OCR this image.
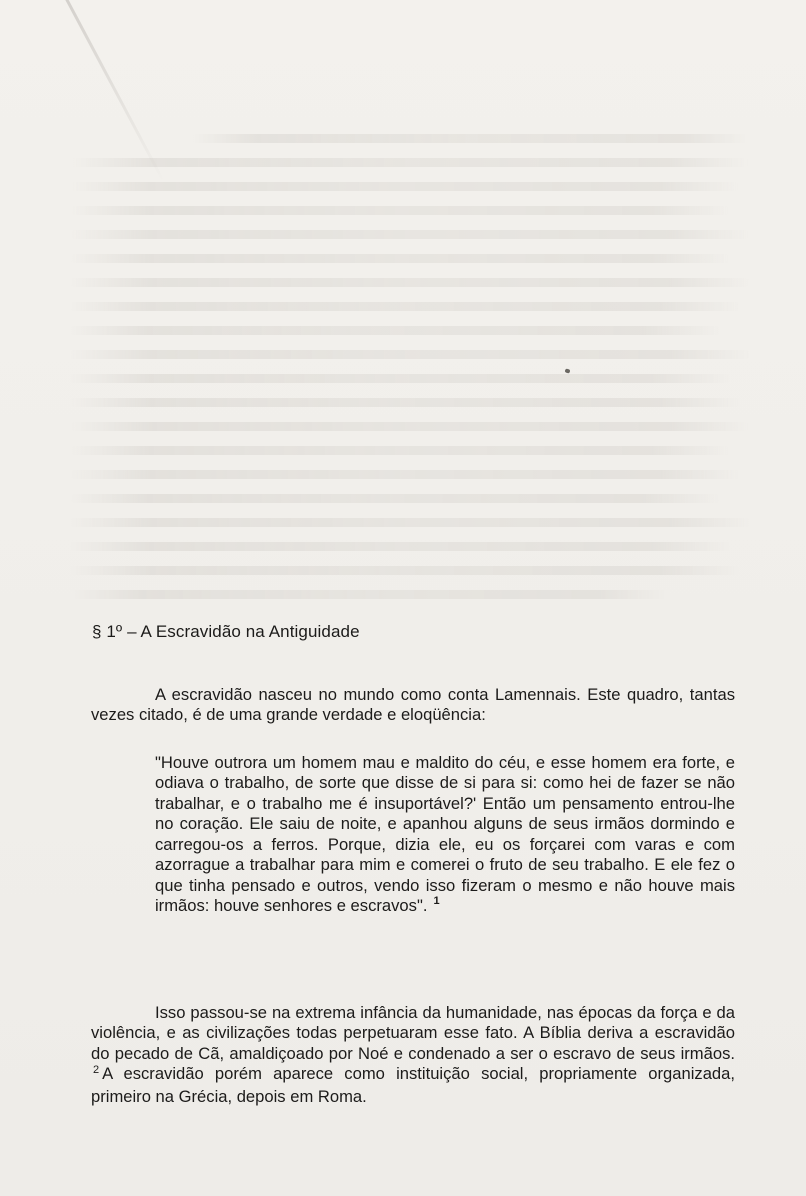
§ 1º – A Escravidão na Antiguidade

A escravidão nasceu no mundo como conta Lamennais. Este quadro, tantas vezes citado, é de uma grande verdade e eloqüência:

"Houve outrora um homem mau e maldito do céu, e esse homem era forte, e odiava o trabalho, de sorte que disse de si para si: como hei de fazer se não trabalhar, e o trabalho me é insuportável?' Então um pensamento entrou-lhe no coração. Ele saiu de noite, e apanhou alguns de seus irmãos dormindo e carregou-os a ferros. Porque, dizia ele, eu os forçarei com varas e com azorrague a trabalhar para mim e comerei o fruto de seu trabalho. E ele fez o que tinha pensado e outros, vendo isso fizeram o mesmo e não houve mais irmãos: houve senhores e escravos". $^1$

Isso passou-se na extrema infância da humanidade, nas épocas da força e da violência, e as civilizações todas perpetuaram esse fato. A Bíblia deriva a escravidão do pecado de Cã, amaldiçoado por Noé e condenado a ser o escravo de seus irmãos. $^2$ A escravidão porém aparece como instituição social, propriamente organizada, primeiro na Grécia, depois em Roma.
